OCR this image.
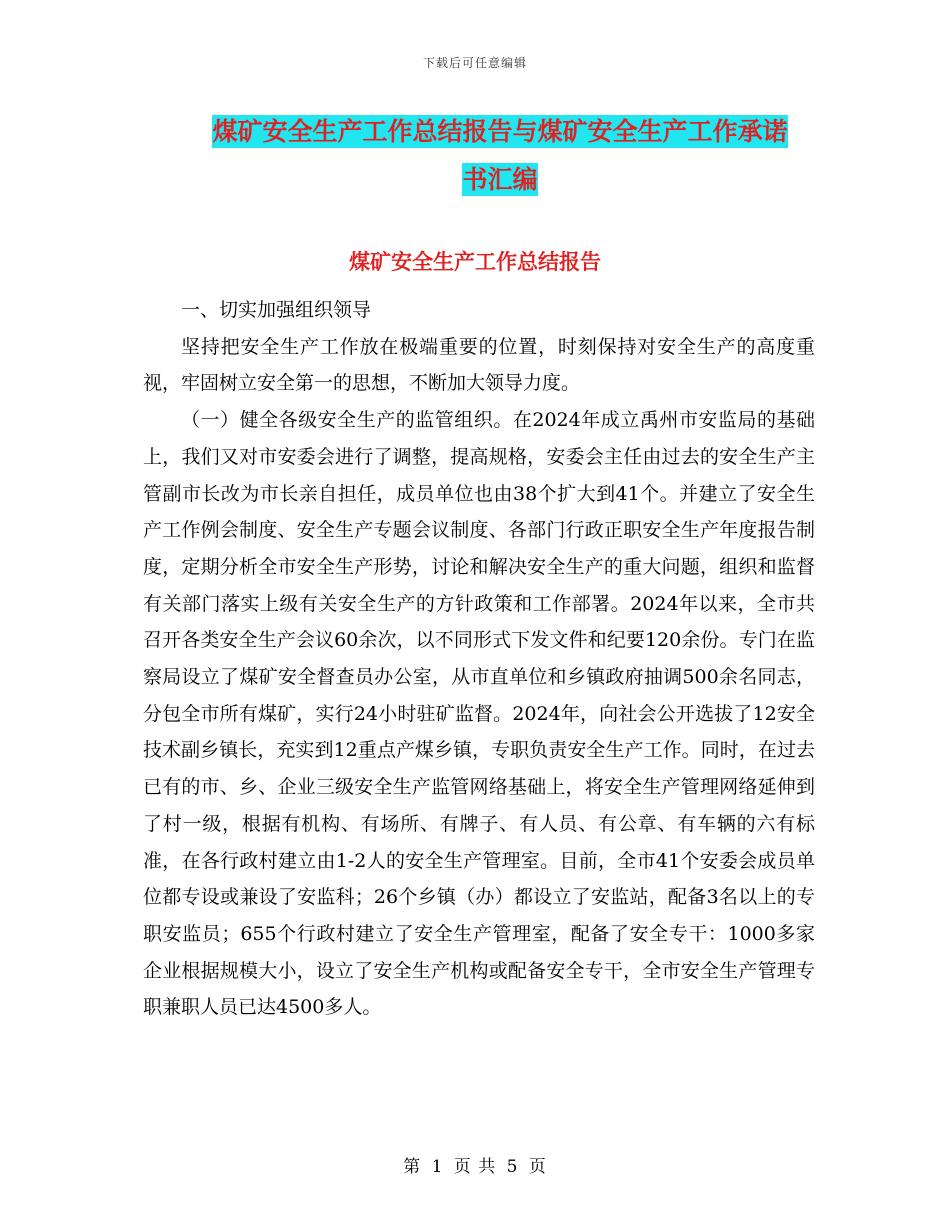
下载后可任意编辑
煤矿安全生产工作总结报告与煤矿安全生产工作承诺
书汇编
煤矿安全生产工作总结报告

一、切实加强组织领导

坚持把安全生产工作放在极端重要的位置，时刻保持对安全生产的高度重视，牢固树立安全第一的思想，不断加大领导力度。

（一）健全各级安全生产的监管组织。在2024年成立禹州市安监局的基础上，我们又对市安委会进行了调整，提高规格，安委会主任由过去的安全生产主管副市长改为市长亲自担任，成员单位也由38个扩大到41个。并建立了安全生产工作例会制度、安全生产专题会议制度、各部门行政正职安全生产年度报告制度，定期分析全市安全生产形势，讨论和解决安全生产的重大问题，组织和监督有关部门落实上级有关安全生产的方针政策和工作部署。2024年以来，全市共召开各类安全生产会议60余次，以不同形式下发文件和纪要120余份。专门在监察局设立了煤矿安全督查员办公室，从市直单位和乡镇政府抽调500余名同志，分包全市所有煤矿，实行24小时驻矿监督。2024年，向社会公开选拔了12安全技术副乡镇长，充实到12重点产煤乡镇，专职负责安全生产工作。同时，在过去已有的市、乡、企业三级安全生产监管网络基础上，将安全生产管理网络延伸到了村一级，根据有机构、有场所、有牌子、有人员、有公章、有车辆的六有标准，在各行政村建立由1-2人的安全生产管理室。目前，全市41个安委会成员单位都专设或兼设了安监科；26个乡镇（办）都设立了安监站，配备3名以上的专职安监员；655个行政村建立了安全生产管理室，配备了安全专干：1000多家企业根据规模大小，设立了安全生产机构或配备安全专干，全市安全生产管理专职兼职人员已达4500多人。

第 1 页 共 5 页
